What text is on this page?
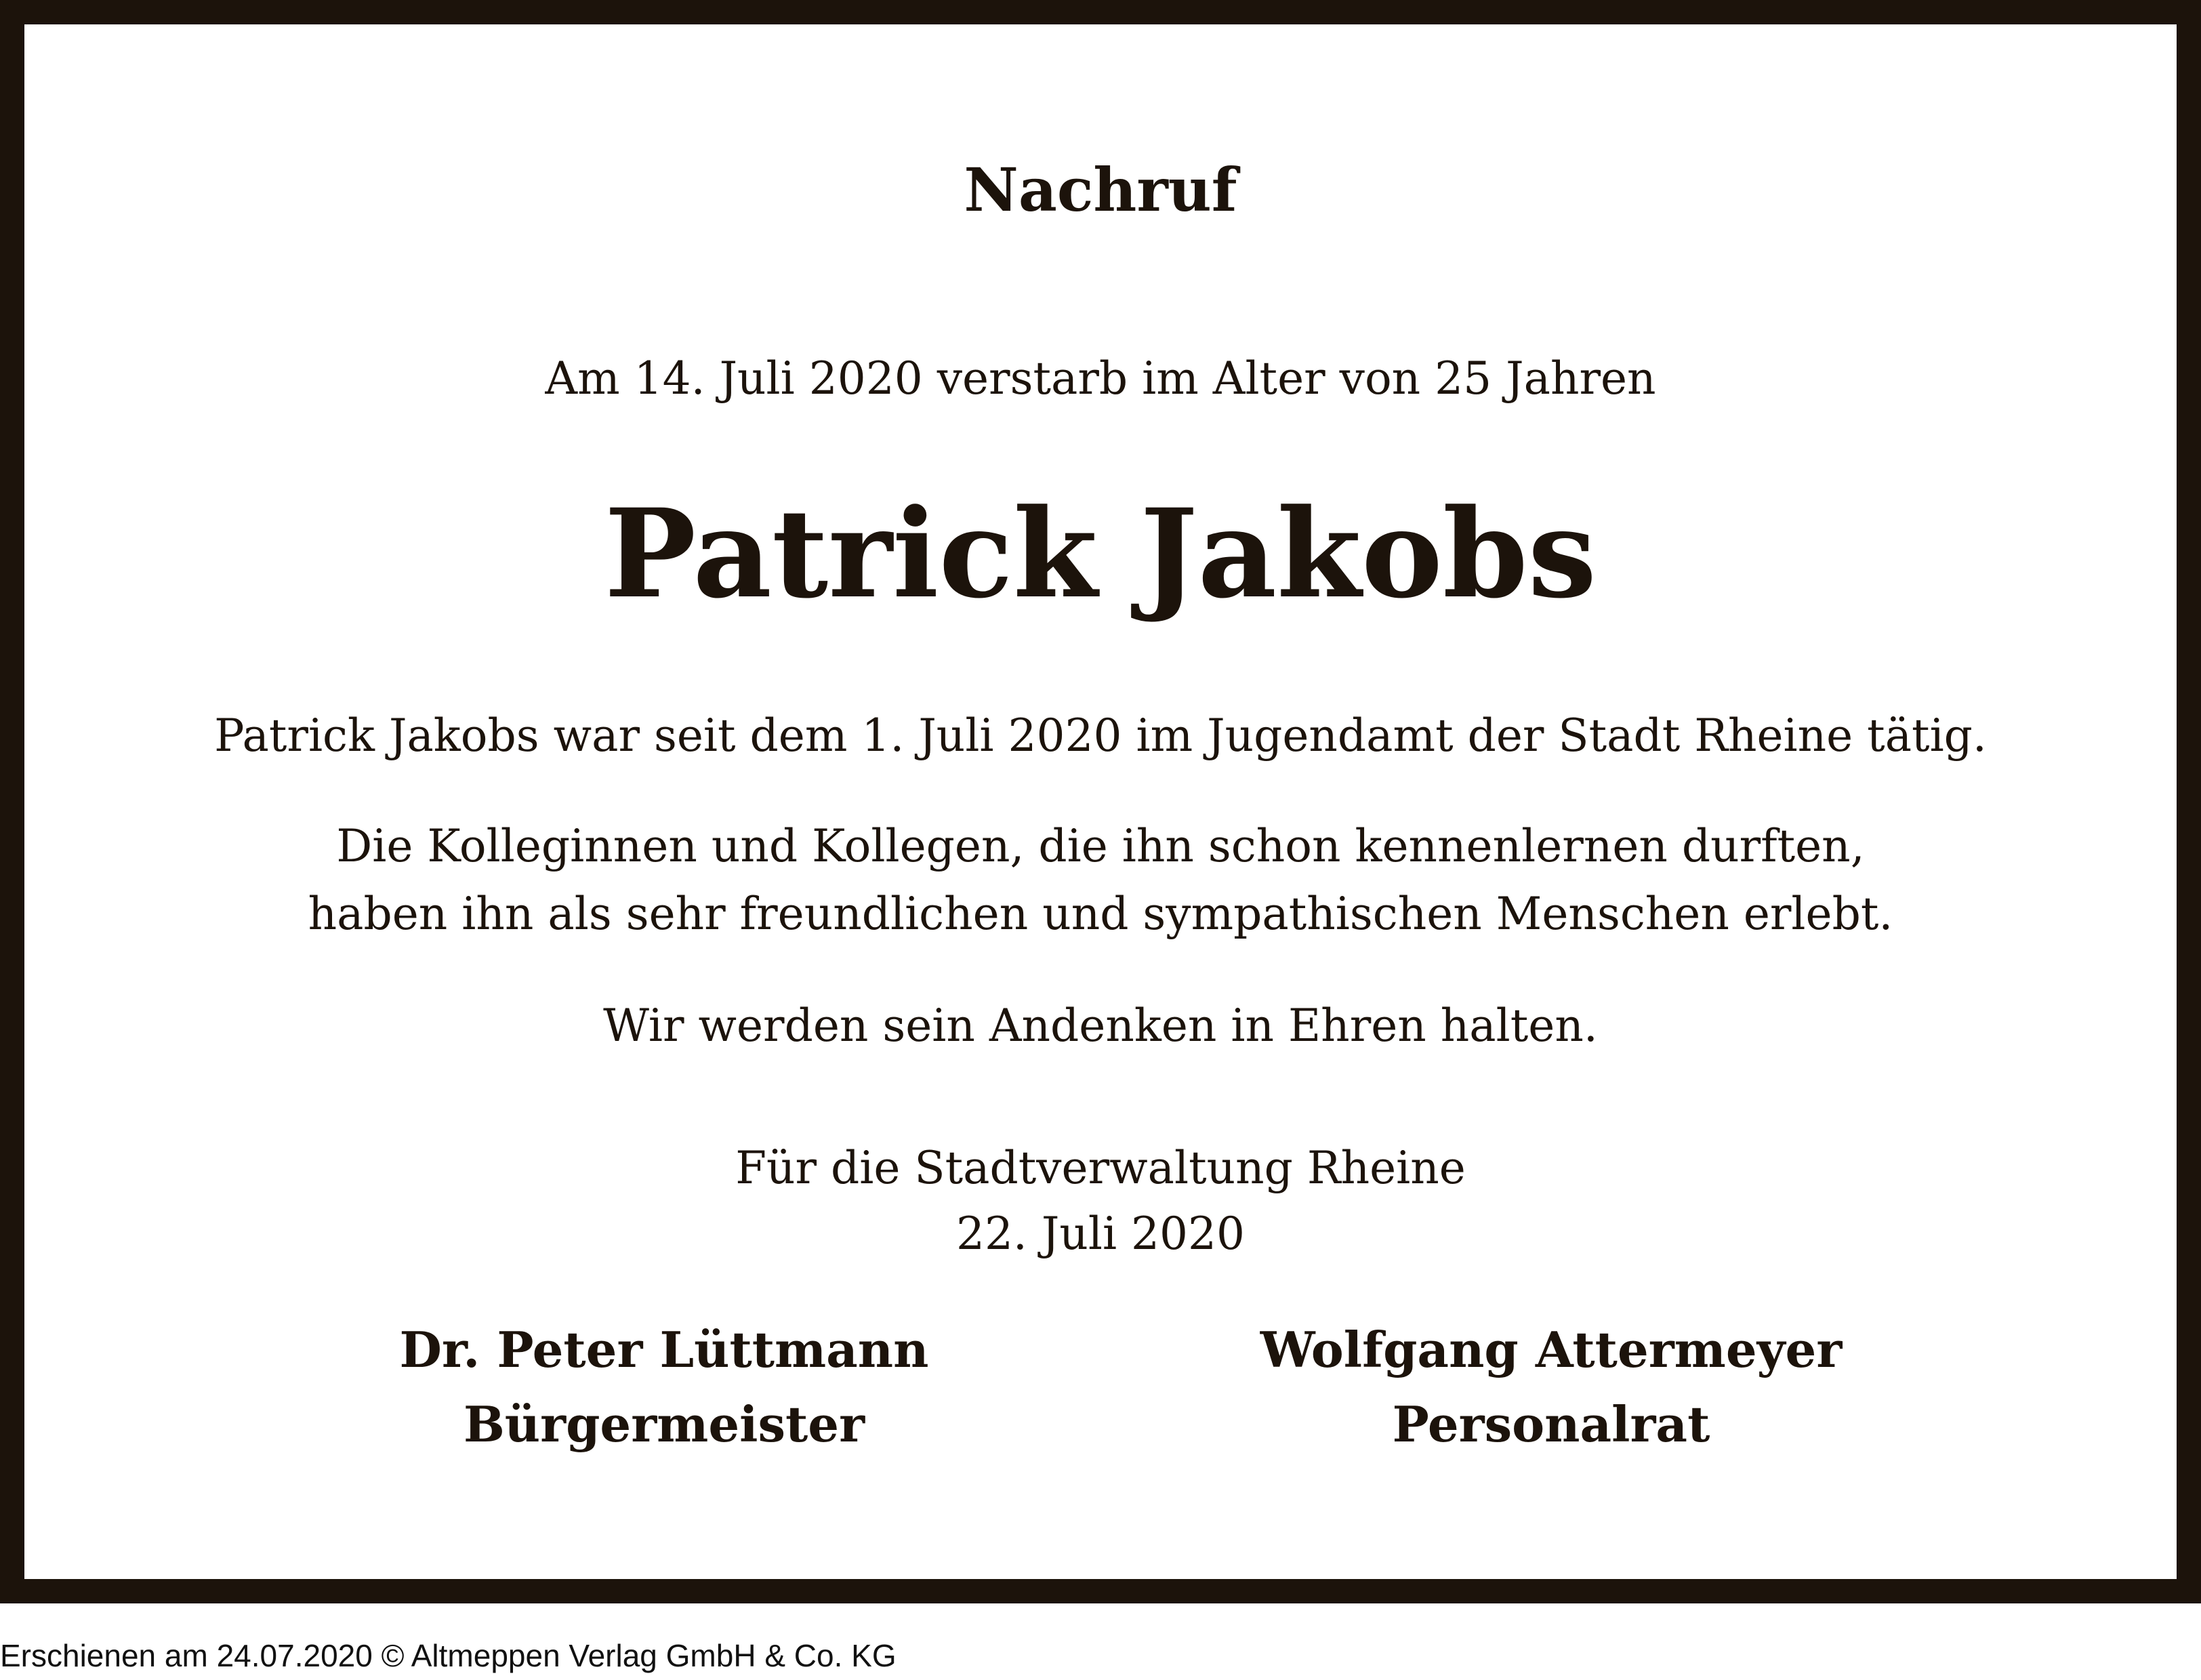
Nachruf
Am 14. Juli 2020 verstarb im Alter von 25 Jahren
Patrick Jakobs
Patrick Jakobs war seit dem 1. Juli 2020 im Jugendamt der Stadt Rheine tätig.
Die Kolleginnen und Kollegen, die ihn schon kennenlernen durften,
haben ihn als sehr freundlichen und sympathischen Menschen erlebt.
Wir werden sein Andenken in Ehren halten.
Für die Stadtverwaltung Rheine
22. Juli 2020
Dr. Peter Lüttmann
Bürgermeister
Wolfgang Attermeyer
Personalrat
Erschienen am 24.07.2020 © Altmeppen Verlag GmbH & Co. KG
